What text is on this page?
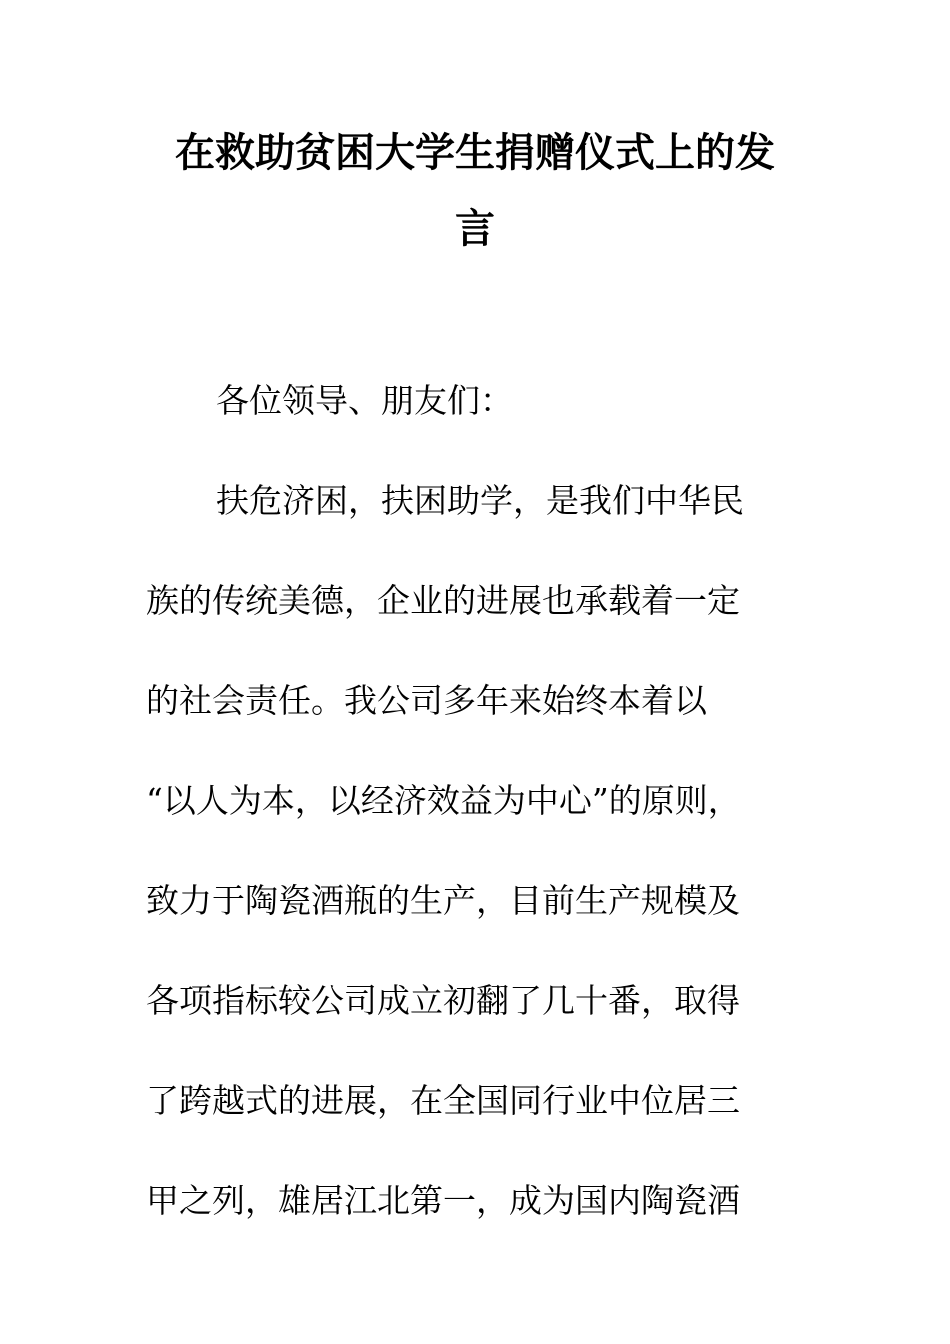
在救助贫困大学生捐赠仪式上的发
言
各位领导、朋友们：
扶危济困，扶困助学，是我们中华民
族的传统美德，企业的进展也承载着一定
的社会责任。我公司多年来始终本着以
“以人为本，以经济效益为中心”的原则，
致力于陶瓷酒瓶的生产，目前生产规模及
各项指标较公司成立初翻了几十番，取得
了跨越式的进展，在全国同行业中位居三
甲之列，雄居江北第一，成为国内陶瓷酒
